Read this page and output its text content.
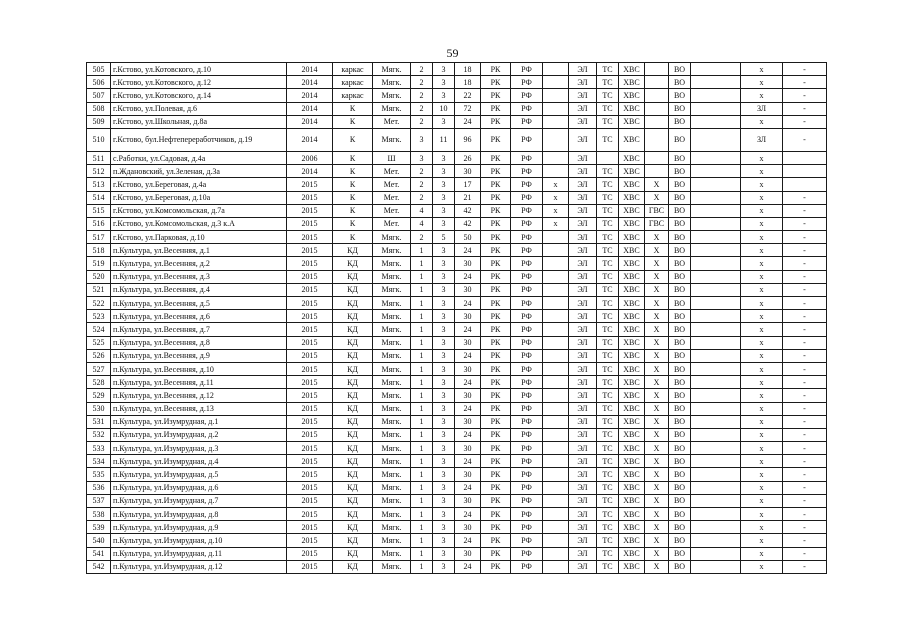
59
505	г.Кстово, ул.Котовского, д.10	2014	каркас	Мягк.	2	3	18	РК	РФ		ЭЛ	ТС	ХВС		ВО		х	-
506	г.Кстово, ул.Котовского, д.12	2014	каркас	Мягк.	2	3	18	РК	РФ		ЭЛ	ТС	ХВС		ВО		х	-
507	г.Кстово, ул.Котовского, д.14	2014	каркас	Мягк.	2	3	22	РК	РФ		ЭЛ	ТС	ХВС		ВО		х	-
508	г.Кстово, ул.Полевая, д.6	2014	К	Мягк.	2	10	72	РК	РФ		ЭЛ	ТС	ХВС		ВО		ЗЛ	-
509	г.Кстово, ул.Школьная, д.8а	2014	К	Мет.	2	3	24	РК	РФ		ЭЛ	ТС	ХВС		ВО		х	-
510	г.Кстово, бул.Нефтепереработчиков, д.19	2014	К	Мягк.	3	11	96	РК	РФ		ЭЛ	ТС	ХВС		ВО		ЗЛ	-
511	с.Работки, ул.Садовая, д.4а	2006	К	Ш	3	3	26	РК	РФ		ЭЛ		ХВС		ВО		х	
512	п.Ждановский, ул.Зеленая, д.3а	2014	К	Мет.	2	3	30	РК	РФ		ЭЛ	ТС	ХВС		ВО		х	
513	г.Кстово, ул.Береговая, д.4а	2015	К	Мет.	2	3	17	РК	РФ	х	ЭЛ	ТС	ХВС	Х	ВО		х	
514	г.Кстово, ул.Береговая, д.10а	2015	К	Мет.	2	3	21	РК	РФ	х	ЭЛ	ТС	ХВС	Х	ВО		х	-
515	г.Кстово, ул.Комсомольская, д.7а	2015	К	Мет.	4	3	42	РК	РФ	х	ЭЛ	ТС	ХВС	ГВС	ВО		х	-
516	г.Кстово, ул.Комсомольская, д.3 к.А	2015	К	Мет.	4	3	42	РК	РФ	х	ЭЛ	ТС	ХВС	ГВС	ВО		х	-
517	г.Кстово, ул.Парковая, д.10	2015	К	Мягк.	2	5	50	РК	РФ		ЭЛ	ТС	ХВС	Х	ВО		х	-
518	п.Культура, ул.Весенняя, д.1	2015	КД	Мягк.	1	3	24	РК	РФ		ЭЛ	ТС	ХВС	Х	ВО		х	-
519	п.Культура, ул.Весенняя, д.2	2015	КД	Мягк.	1	3	30	РК	РФ		ЭЛ	ТС	ХВС	Х	ВО		х	-
520	п.Культура, ул.Весенняя, д.3	2015	КД	Мягк.	1	3	24	РК	РФ		ЭЛ	ТС	ХВС	Х	ВО		х	-
521	п.Культура, ул.Весенняя, д.4	2015	КД	Мягк.	1	3	30	РК	РФ		ЭЛ	ТС	ХВС	Х	ВО		х	-
522	п.Культура, ул.Весенняя, д.5	2015	КД	Мягк.	1	3	24	РК	РФ		ЭЛ	ТС	ХВС	Х	ВО		х	-
523	п.Культура, ул.Весенняя, д.6	2015	КД	Мягк.	1	3	30	РК	РФ		ЭЛ	ТС	ХВС	Х	ВО		х	-
524	п.Культура, ул.Весенняя, д.7	2015	КД	Мягк.	1	3	24	РК	РФ		ЭЛ	ТС	ХВС	Х	ВО		х	-
525	п.Культура, ул.Весенняя, д.8	2015	КД	Мягк.	1	3	30	РК	РФ		ЭЛ	ТС	ХВС	Х	ВО		х	-
526	п.Культура, ул.Весенняя, д.9	2015	КД	Мягк.	1	3	24	РК	РФ		ЭЛ	ТС	ХВС	Х	ВО		х	-
527	п.Культура, ул.Весенняя, д.10	2015	КД	Мягк.	1	3	30	РК	РФ		ЭЛ	ТС	ХВС	Х	ВО		х	-
528	п.Культура, ул.Весенняя, д.11	2015	КД	Мягк.	1	3	24	РК	РФ		ЭЛ	ТС	ХВС	Х	ВО		х	-
529	п.Культура, ул.Весенняя, д.12	2015	КД	Мягк.	1	3	30	РК	РФ		ЭЛ	ТС	ХВС	Х	ВО		х	-
530	п.Культура, ул.Весенняя, д.13	2015	КД	Мягк.	1	3	24	РК	РФ		ЭЛ	ТС	ХВС	Х	ВО		х	-
531	п.Культура, ул.Изумрудная, д.1	2015	КД	Мягк.	1	3	30	РК	РФ		ЭЛ	ТС	ХВС	Х	ВО		х	-
532	п.Культура, ул.Изумрудная, д.2	2015	КД	Мягк.	1	3	24	РК	РФ		ЭЛ	ТС	ХВС	Х	ВО		х	-
533	п.Культура, ул.Изумрудная, д.3	2015	КД	Мягк.	1	3	30	РК	РФ		ЭЛ	ТС	ХВС	Х	ВО		х	-
534	п.Культура, ул.Изумрудная, д.4	2015	КД	Мягк.	1	3	24	РК	РФ		ЭЛ	ТС	ХВС	Х	ВО		х	-
535	п.Культура, ул.Изумрудная, д.5	2015	КД	Мягк.	1	3	30	РК	РФ		ЭЛ	ТС	ХВС	Х	ВО		х	-
536	п.Культура, ул.Изумрудная, д.6	2015	КД	Мягк.	1	3	24	РК	РФ		ЭЛ	ТС	ХВС	Х	ВО		х	-
537	п.Культура, ул.Изумрудная, д.7	2015	КД	Мягк.	1	3	30	РК	РФ		ЭЛ	ТС	ХВС	Х	ВО		х	-
538	п.Культура, ул.Изумрудная, д.8	2015	КД	Мягк.	1	3	24	РК	РФ		ЭЛ	ТС	ХВС	Х	ВО		х	-
539	п.Культура, ул.Изумрудная, д.9	2015	КД	Мягк.	1	3	30	РК	РФ		ЭЛ	ТС	ХВС	Х	ВО		х	-
540	п.Культура, ул.Изумрудная, д.10	2015	КД	Мягк.	1	3	24	РК	РФ		ЭЛ	ТС	ХВС	Х	ВО		х	-
541	п.Культура, ул.Изумрудная, д.11	2015	КД	Мягк.	1	3	30	РК	РФ		ЭЛ	ТС	ХВС	Х	ВО		х	-
542	п.Культура, ул.Изумрудная, д.12	2015	КД	Мягк.	1	3	24	РК	РФ		ЭЛ	ТС	ХВС	Х	ВО		х	-
